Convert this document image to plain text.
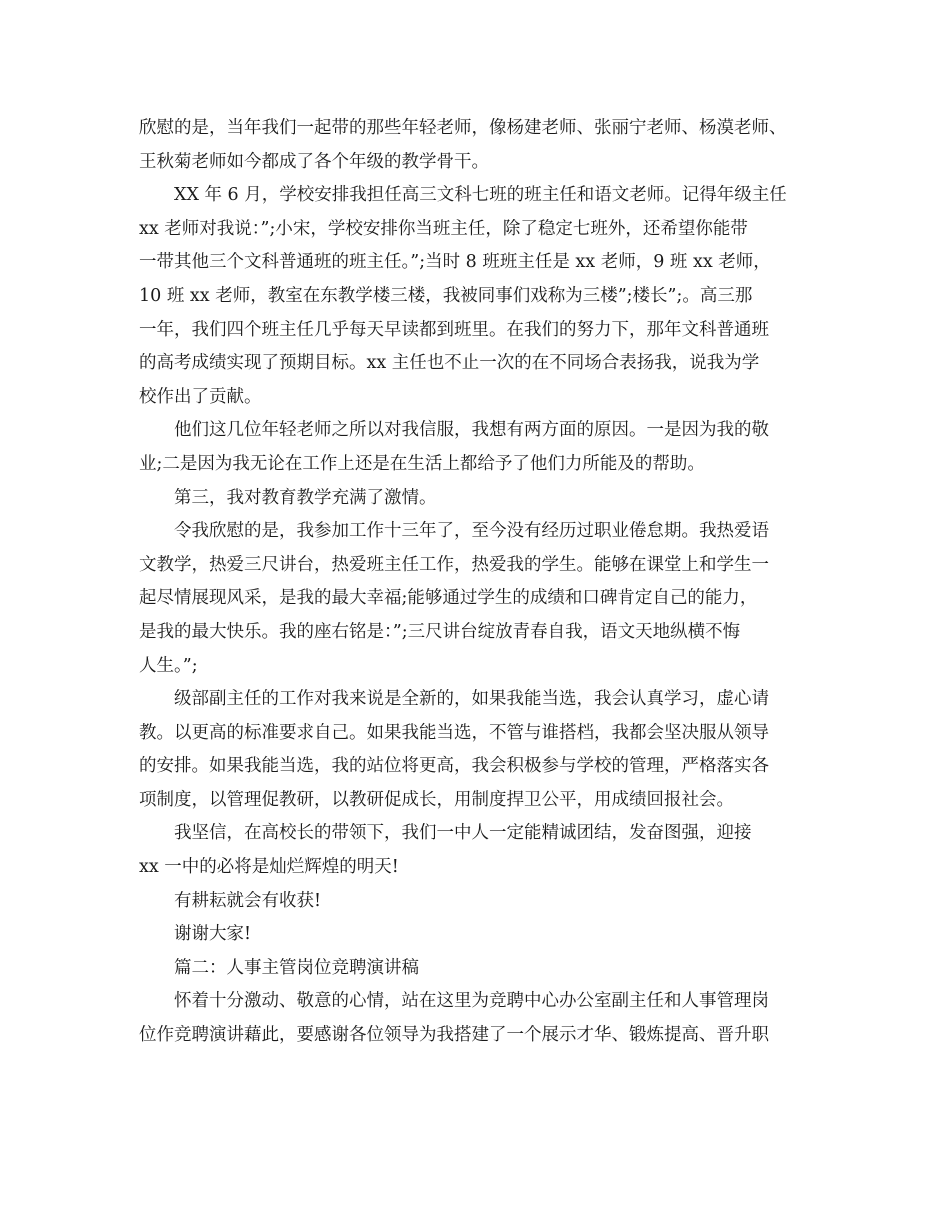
欣慰的是，当年我们一起带的那些年轻老师，像杨建老师、张丽宁老师、杨漠老师、
王秋菊老师如今都成了各个年级的教学骨干。
XX 年 6 月，学校安排我担任高三文科七班的班主任和语文老师。记得年级主任
xx 老师对我说：”;小宋，学校安排你当班主任，除了稳定七班外，还希望你能带
一带其他三个文科普通班的班主任。”;当时 8 班班主任是 xx 老师，9 班 xx 老师，
10 班 xx 老师，教室在东教学楼三楼，我被同事们戏称为三楼”;楼长”;。高三那
一年，我们四个班主任几乎每天早读都到班里。在我们的努力下，那年文科普通班
的高考成绩实现了预期目标。xx 主任也不止一次的在不同场合表扬我，说我为学
校作出了贡献。
他们这几位年轻老师之所以对我信服，我想有两方面的原因。一是因为我的敬
业;二是因为我无论在工作上还是在生活上都给予了他们力所能及的帮助。
第三，我对教育教学充满了激情。
令我欣慰的是，我参加工作十三年了，至今没有经历过职业倦怠期。我热爱语
文教学，热爱三尺讲台，热爱班主任工作，热爱我的学生。能够在课堂上和学生一
起尽情展现风采，是我的最大幸福;能够通过学生的成绩和口碑肯定自己的能力，
是我的最大快乐。我的座右铭是：”;三尺讲台绽放青春自我，语文天地纵横不悔
人生。”;
级部副主任的工作对我来说是全新的，如果我能当选，我会认真学习，虚心请
教。以更高的标准要求自己。如果我能当选，不管与谁搭档，我都会坚决服从领导
的安排。如果我能当选，我的站位将更高，我会积极参与学校的管理，严格落实各
项制度，以管理促教研，以教研促成长，用制度捍卫公平，用成绩回报社会。
我坚信，在高校长的带领下，我们一中人一定能精诚团结，发奋图强，迎接
xx 一中的必将是灿烂辉煌的明天!
有耕耘就会有收获!
谢谢大家!
篇二：人事主管岗位竞聘演讲稿
怀着十分激动、敬意的心情，站在这里为竞聘中心办公室副主任和人事管理岗
位作竞聘演讲藉此，要感谢各位领导为我搭建了一个展示才华、锻炼提高、晋升职
